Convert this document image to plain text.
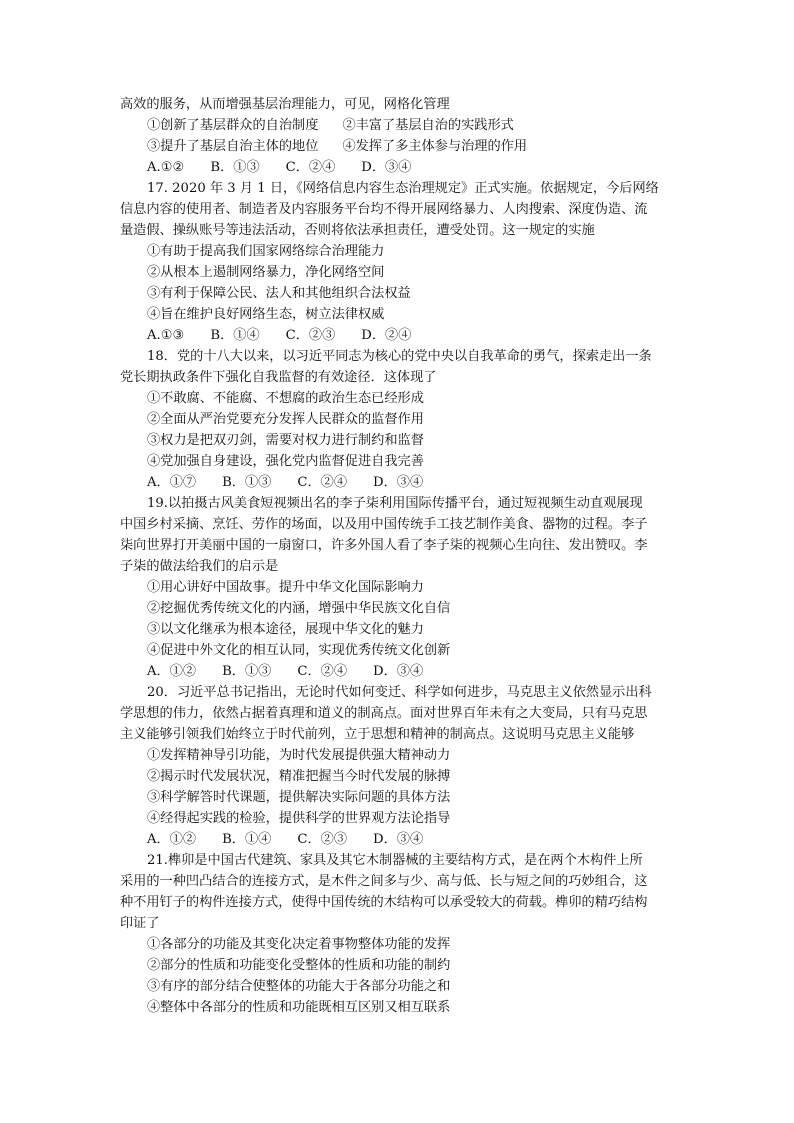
高效的服务，从而增强基层治理能力，可见，网格化管理
①创新了基层群众的自治制度 ②丰富了基层自治的实践形式
③提升了基层自治主体的地位 ④发挥了多主体参与治理的作用
A.①② B．①③ C．②④ D．③④
17. 2020 年 3 月 1 日，《网络信息内容生态治理规定》正式实施。依据规定，今后网络
信息内容的使用者、制造者及内容服务平台均不得开展网络暴力、人肉搜索、深度伪造、流
量造假、操纵账号等违法活动，否则将依法承担责任，遭受处罚。这一规定的实施
①有助于提高我们国家网络综合治理能力
②从根本上遏制网络暴力，净化网络空间
③有利于保障公民、法人和其他组织合法权益
④旨在维护良好网络生态，树立法律权威
A.①③ B．①④ C．②③ D．②④
18．党的十八大以来，以习近平同志为核心的党中央以自我革命的勇气，探索走出一条
党长期执政条件下强化自我监督的有效途径．这体现了
①不敢腐、不能腐、不想腐的政治生态已经形成
②全面从严治党要充分发挥人民群众的监督作用
③权力是把双刃剑，需要对权力进行制约和监督
④党加强自身建设，强化党内监督促进自我完善
A．①⑦ B．①③ C．②④ D．③④
19.以拍摄古风美食短视频出名的李子柒利用国际传播平台，通过短视频生动直观展现
中国乡村采摘、烹饪、劳作的场面，以及用中国传统手工技艺制作美食、器物的过程。李子
柒向世界打开美丽中国的一扇窗口，许多外国人看了李子柒的视频心生向往、发出赞叹。李
子柒的做法给我们的启示是
①用心讲好中国故事。提升中华文化国际影响力
②挖掘优秀传统文化的内涵，增强中华民族文化自信
③以文化继承为根本途径，展现中华文化的魅力
④促进中外文化的相互认同，实现优秀传统文化创新
A．①② B．①③ C．②④ D．③④
20．习近平总书记指出，无论时代如何变迁、科学如何进步，马克思主义依然显示出科
学思想的伟力，依然占据着真理和道义的制高点。面对世界百年未有之大变局，只有马克思
主义能够引领我们始终立于时代前列，立于思想和精神的制高点。这说明马克思主义能够
①发挥精神导引功能，为时代发展提供强大精神动力
②揭示时代发展状况，精准把握当今时代发展的脉搏
③科学解答时代课题，提供解决实际问题的具体方法
④经得起实践的检验，提供科学的世界观方法论指导
A．①② B．①④ C．②③ D．③④
21.榫卯是中国古代建筑、家具及其它木制器械的主要结构方式，是在两个木构件上所
采用的一种凹凸结合的连接方式，是木件之间多与少、高与低、长与短之间的巧妙组合，这
种不用钉子的构件连接方式，使得中国传统的木结构可以承受较大的荷载。榫卯的精巧结构
印证了
①各部分的功能及其变化决定着事物整体功能的发挥
②部分的性质和功能变化受整体的性质和功能的制约
③有序的部分结合使整体的功能大于各部分功能之和
④整体中各部分的性质和功能既相互区别又相互联系
